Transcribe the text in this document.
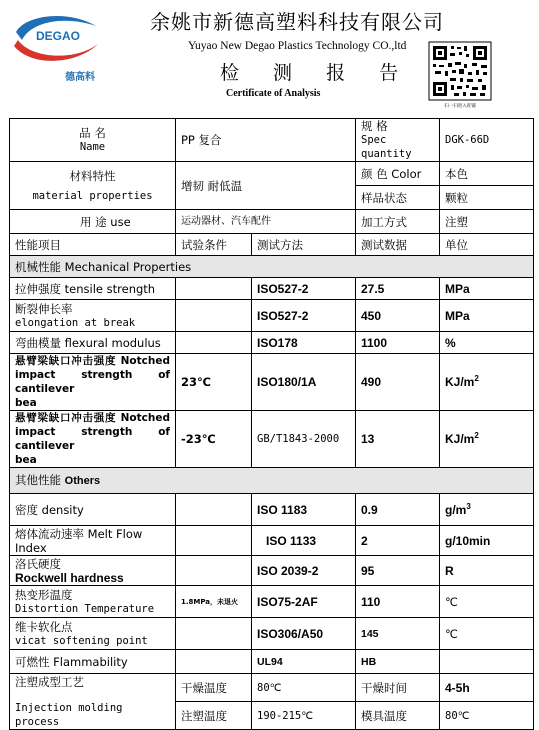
DEGAO
德高料
余姚市新德高塑料科技有限公司
Yuyao New Degao Plastics Technology CO.,ltd
检 测 报 告
Certificate of Analysis
扫一扫进入旺铺
品 名
Name	PP 复合		规 格
Spec quantity	DGK-66D

材料特性
material properties	增韧 耐低温		颜 色 Color	本色
			样品状态	颗粒
用 途 use	运动器材、汽车配件		加工方式	注塑
性能项目	试验条件	测试方法	测试数据	单位
机械性能 Mechanical Properties				
拉伸强度 tensile strength		ISO527-2	27.5	MPa

断裂伸长率
elongation at break		ISO527-2	450	MPa
弯曲模量 flexural modulus		ISO178	1100	%

悬臂梁缺口冲击强度 Notched
impact strength of cantilever
bea	23℃	ISO180/1A	490	$KJ/m^2$

悬臂梁缺口冲击强度 Notched
impact strength of cantilever
bea	-23℃	GB/T1843-2000	13	$KJ/m^2$
其他性能 Others				
密度 density		ISO 1183	0.9	$g/m^3$
熔体流动速率 Melt Flow Index		ISO 1133	2	g/10min

洛氏硬度
Rockwell hardness		ISO 2039-2	95	R

热变形温度
Distortion Temperature	1.8MPa，未退火	ISO75-2AF	110	℃

维卡软化点
vicat softening point		ISO306/A50	145	℃
可燃性 Flammability		UL94	HB	

注塑成型工艺
Injection molding process	干燥温度	80℃	干燥时间	4-5h
	注塑温度	190-215℃	模具温度	80℃
